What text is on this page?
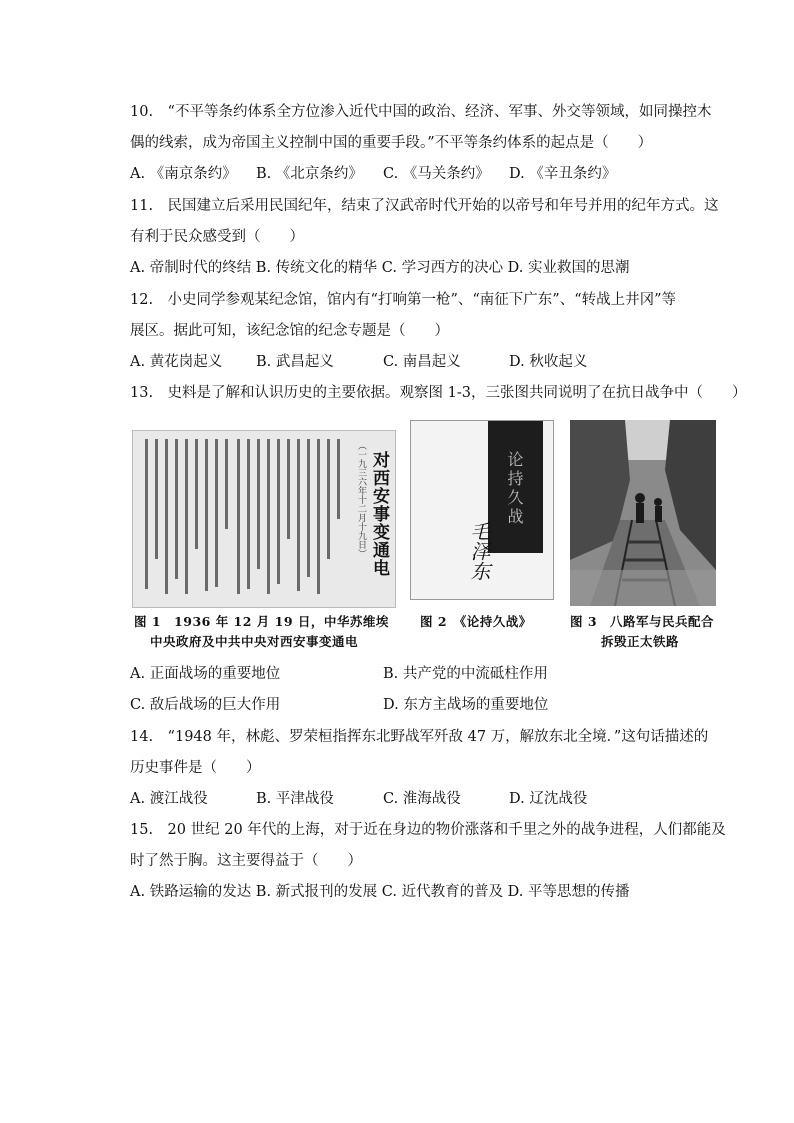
10.　“不平等条约体系全方位渗入近代中国的政治、经济、军事、外交等领域，如同操控木
偶的线索，成为帝国主义控制中国的重要手段。”不平等条约体系的起点是（　　）
A. 《南京条约》 B. 《北京条约》 C. 《马关条约》 D. 《辛丑条约》
11.　民国建立后采用民国纪年，结束了汉武帝时代开始的以帝号和年号并用的纪年方式。这
有利于民众感受到（　　）
A. 帝制时代的终结 B. 传统文化的精华 C. 学习西方的决心 D. 实业救国的思潮
12.　小史同学参观某纪念馆，馆内有“打响第一枪”、“南征下广东”、“转战上井冈”等
展区。据此可知，该纪念馆的纪念专题是（　　）
A. 黄花岗起义 B. 武昌起义	C. 南昌起义	D. 秋收起义
13.　史料是了解和认识历史的主要依据。观察图 1-3，三张图共同说明了在抗日战争中（　　）
（一九三六年十二月十九日） 对西安事变通电	论持久战
毛泽东
图 1　1936 年 12 月 19 日，中华苏维埃
中央政府及中共中央对西安事变通电
图 2　《论持久战》	图 3　八路军与民兵配合
拆毁正太铁路
A. 正面战场的重要地位	B. 共产党的中流砥柱作用
C. 敌后战场的巨大作用	D. 东方主战场的重要地位
14.　“1948 年，林彪、罗荣桓指挥东北野战军歼敌 47 万，解放东北全境．”这句话描述的
历史事件是（　　）
A. 渡江战役	B. 平津战役	C. 淮海战役	D. 辽沈战役
15.　20 世纪 20 年代的上海，对于近在身边的物价涨落和千里之外的战争进程，人们都能及
时了然于胸。这主要得益于（　　）
A. 铁路运输的发达 B. 新式报刊的发展 C. 近代教育的普及 D. 平等思想的传播
